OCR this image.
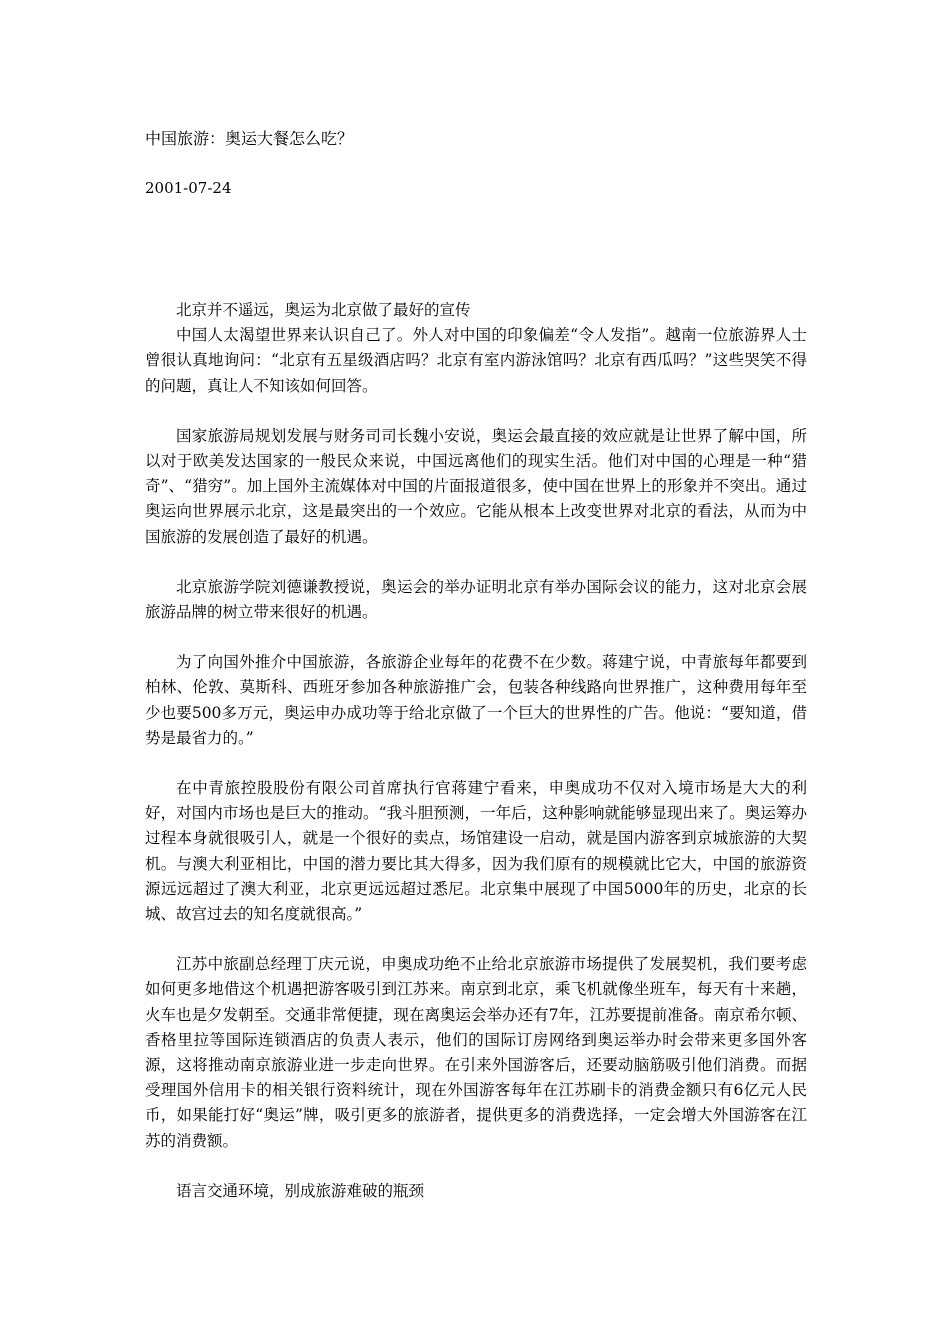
中国旅游：奥运大餐怎么吃？
2001-07-24

北京并不遥远，奥运为北京做了最好的宣传

中国人太渴望世界来认识自己了。外人对中国的印象偏差“令人发指”。越南一位旅游界人士曾很认真地询问：“北京有五星级酒店吗？北京有室内游泳馆吗？北京有西瓜吗？”这些哭笑不得的问题，真让人不知该如何回答。

国家旅游局规划发展与财务司司长魏小安说，奥运会最直接的效应就是让世界了解中国，所以对于欧美发达国家的一般民众来说，中国远离他们的现实生活。他们对中国的心理是一种“猎奇”、“猎穷”。加上国外主流媒体对中国的片面报道很多，使中国在世界上的形象并不突出。通过奥运向世界展示北京，这是最突出的一个效应。它能从根本上改变世界对北京的看法，从而为中国旅游的发展创造了最好的机遇。

北京旅游学院刘德谦教授说，奥运会的举办证明北京有举办国际会议的能力，这对北京会展旅游品牌的树立带来很好的机遇。

为了向国外推介中国旅游，各旅游企业每年的花费不在少数。蒋建宁说，中青旅每年都要到柏林、伦敦、莫斯科、西班牙参加各种旅游推广会，包装各种线路向世界推广，这种费用每年至少也要500多万元，奥运申办成功等于给北京做了一个巨大的世界性的广告。他说：“要知道，借势是最省力的。”

在中青旅控股股份有限公司首席执行官蒋建宁看来，申奥成功不仅对入境市场是大大的利好，对国内市场也是巨大的推动。“我斗胆预测，一年后，这种影响就能够显现出来了。奥运筹办过程本身就很吸引人，就是一个很好的卖点，场馆建设一启动，就是国内游客到京城旅游的大契机。与澳大利亚相比，中国的潜力要比其大得多，因为我们原有的规模就比它大，中国的旅游资源远远超过了澳大利亚，北京更远远超过悉尼。北京集中展现了中国5000年的历史，北京的长城、故宫过去的知名度就很高。”

江苏中旅副总经理丁庆元说，申奥成功绝不止给北京旅游市场提供了发展契机，我们要考虑如何更多地借这个机遇把游客吸引到江苏来。南京到北京，乘飞机就像坐班车，每天有十来趟，火车也是夕发朝至。交通非常便捷，现在离奥运会举办还有7年，江苏要提前准备。南京希尔顿、香格里拉等国际连锁酒店的负责人表示，他们的国际订房网络到奥运举办时会带来更多国外客源，这将推动南京旅游业进一步走向世界。在引来外国游客后，还要动脑筋吸引他们消费。而据受理国外信用卡的相关银行资料统计，现在外国游客每年在江苏刷卡的消费金额只有6亿元人民币，如果能打好“奥运”牌，吸引更多的旅游者，提供更多的消费选择，一定会增大外国游客在江苏的消费额。

语言交通环境，别成旅游难破的瓶颈
